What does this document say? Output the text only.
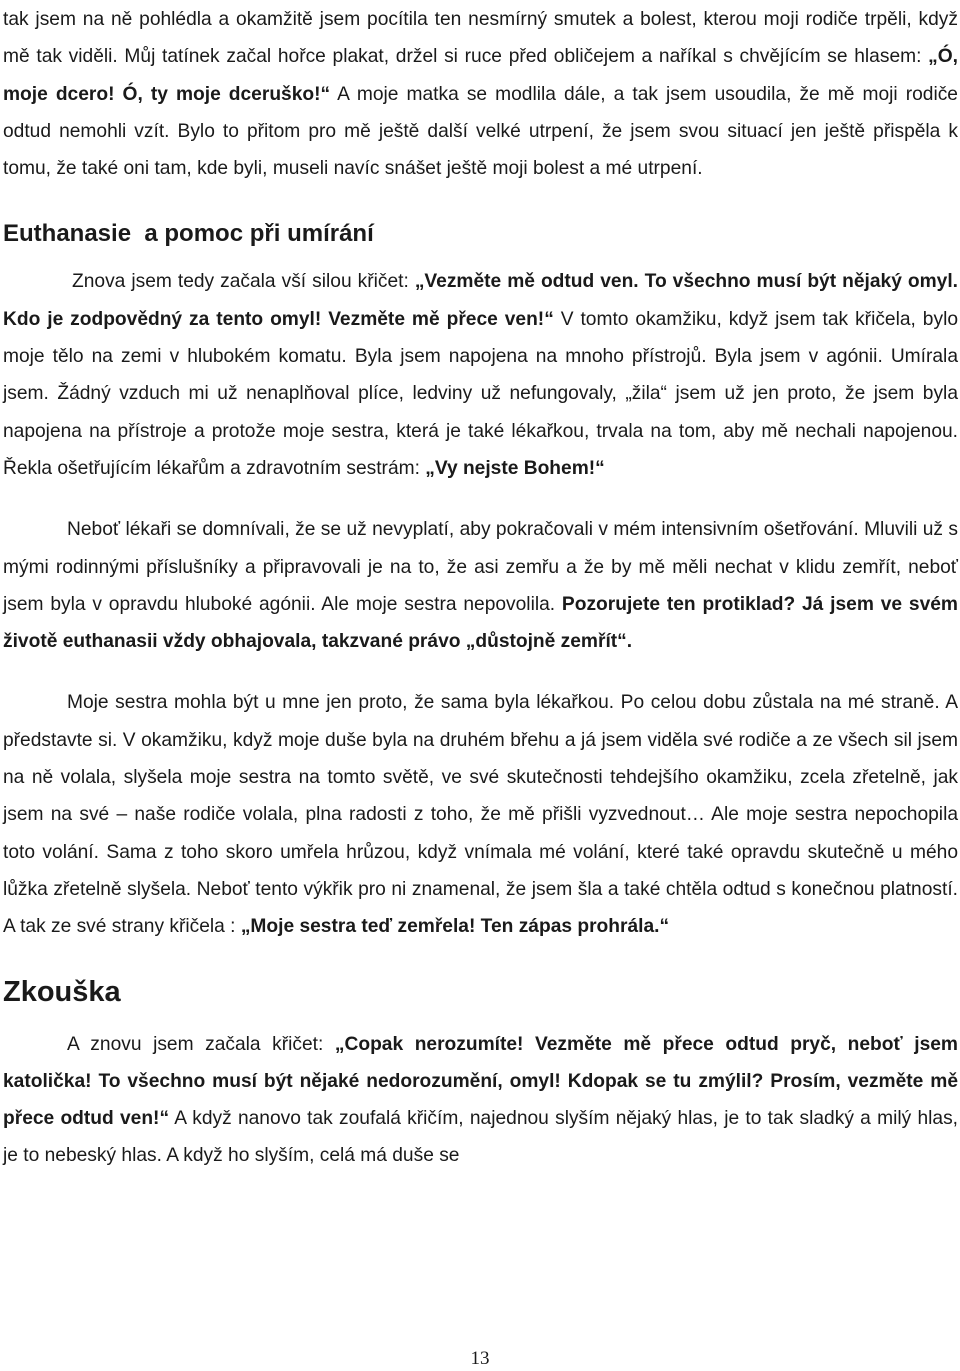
tak jsem na ně pohlédla a okamžitě jsem pocítila ten nesmírný smutek a bolest, kterou moji rodiče trpěli, když mě tak viděli. Můj tatínek začal hořce plakat, držel si ruce před obličejem a naříkal s chvějícím se hlasem: „Ó, moje dcero! Ó, ty moje dceruško!“ A moje matka se modlila dále, a tak jsem usoudila, že mě moji rodiče odtud nemohli vzít. Bylo to přitom pro mě ještě další velké utrpení, že jsem svou situací jen ještě přispěla k tomu, že také oni tam, kde byli, museli navíc snášet ještě moji bolest a mé utrpení.

Euthanasie  a pomoc při umírání

Znova jsem tedy začala vší silou křičet: „Vezměte mě odtud ven. To všechno musí být nějaký omyl. Kdo je zodpovědný za tento omyl! Vezměte mě přece ven!“ V tomto okamžiku, když jsem tak křičela, bylo moje tělo na zemi v hlubokém komatu. Byla jsem napojena na mnoho přístrojů. Byla jsem v agónii. Umírala jsem. Žádný vzduch mi už nenaplňoval plíce, ledviny už nefungovaly, „žila“ jsem už jen proto, že jsem byla napojena na přístroje a protože moje sestra, která je také lékařkou, trvala na tom, aby mě nechali napojenou. Řekla ošetřujícím lékařům a zdravotním sestrám: „Vy nejste Bohem!“

Neboť lékaři se domnívali, že se už nevyplatí, aby pokračovali v mém intensivním ošetřování. Mluvili už s mými rodinnými příslušníky a připravovali je na to, že asi zemřu a že by mě měli nechat v klidu zemřít, neboť jsem byla v opravdu hluboké agónii. Ale moje sestra nepovolila. Pozorujete ten protiklad? Já jsem ve svém životě euthanasii vždy obhajovala, takzvané právo „důstojně zemřít“.

Moje sestra mohla být u mne jen proto, že sama byla lékařkou. Po celou dobu zůstala na mé straně. A představte si. V okamžiku, když moje duše byla na druhém břehu a já jsem viděla své rodiče a ze všech sil jsem na ně volala, slyšela moje sestra na tomto světě, ve své skutečnosti tehdejšího okamžiku, zcela zřetelně, jak jsem na své – naše rodiče volala, plna radosti z toho, že mě přišli vyzvednout… Ale moje sestra nepochopila toto volání. Sama z toho skoro umřela hrůzou, když vnímala mé volání, které také opravdu skutečně u mého lůžka zřetelně slyšela. Neboť tento výkřik pro ni znamenal, že jsem šla a také chtěla odtud s konečnou platností. A tak ze své strany křičela : „Moje sestra teď zemřela! Ten zápas prohrála.“

Zkouška

A znovu jsem začala křičet: „Copak nerozumíte! Vezměte mě přece odtud pryč, neboť jsem katolička! To všechno musí být nějaké nedorozumění, omyl! Kdopak se tu zmýlil? Prosím, vezměte mě přece odtud ven!“ A když nanovo tak zoufalá křičím, najednou slyším nějaký hlas, je to tak sladký a milý hlas, je to nebeský hlas. A když ho slyším, celá má duše se

13
